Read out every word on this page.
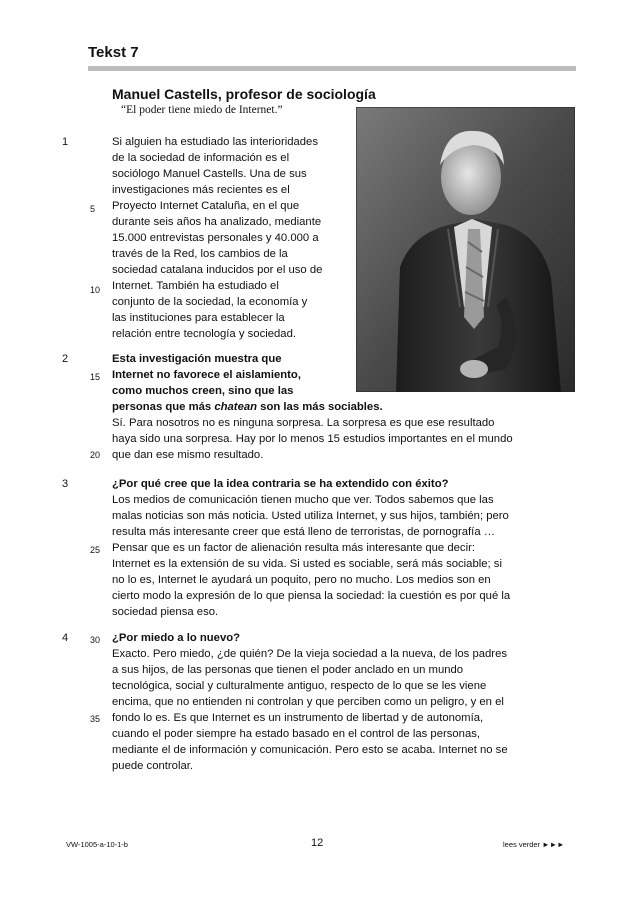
Tekst 7
Manuel Castells, profesor de sociología
“El poder tiene miedo de Internet.”
1
2
3
4
5
10
15
20
25
30
35
Si alguien ha estudiado las interioridades
de la sociedad de información es el
sociólogo Manuel Castells. Una de sus
investigaciones más recientes es el
Proyecto Internet Cataluña, en el que
durante seis años ha analizado, mediante
15.000 entrevistas personales y 40.000 a
través de la Red, los cambios de la
sociedad catalana inducidos por el uso de
Internet. También ha estudiado el
conjunto de la sociedad, la economía y
las instituciones para establecer la
relación entre tecnología y sociedad.
Esta investigación muestra que
Internet no favorece el aislamiento,
como muchos creen, sino que las
personas que más chatean son las más sociables.
Sí. Para nosotros no es ninguna sorpresa. La sorpresa es que ese resultado
haya sido una sorpresa. Hay por lo menos 15 estudios importantes en el mundo
que dan ese mismo resultado.
¿Por qué cree que la idea contraria se ha extendido con éxito?
Los medios de comunicación tienen mucho que ver. Todos sabemos que las
malas noticias son más noticia. Usted utiliza Internet, y sus hijos, también; pero
resulta más interesante creer que está lleno de terroristas, de pornografía …
Pensar que es un factor de alienación resulta más interesante que decir:
Internet es la extensión de su vida. Si usted es sociable, será más sociable; si
no lo es, Internet le ayudará un poquito, pero no mucho. Los medios son en
cierto modo la expresión de lo que piensa la sociedad: la cuestión es por qué la
sociedad piensa eso.
¿Por miedo a lo nuevo?
Exacto. Pero miedo, ¿de quién? De la vieja sociedad a la nueva, de los padres
a sus hijos, de las personas que tienen el poder anclado en un mundo
tecnológica, social y culturalmente antiguo, respecto de lo que se les viene
encima, que no entienden ni controlan y que perciben como un peligro, y en el
fondo lo es. Es que Internet es un instrumento de libertad y de autonomía,
cuando el poder siempre ha estado basado en el control de las personas,
mediante el de información y comunicación. Pero esto se acaba. Internet no se
puede controlar.
VW-1005-a-10-1-b	12	lees verder ►►►
